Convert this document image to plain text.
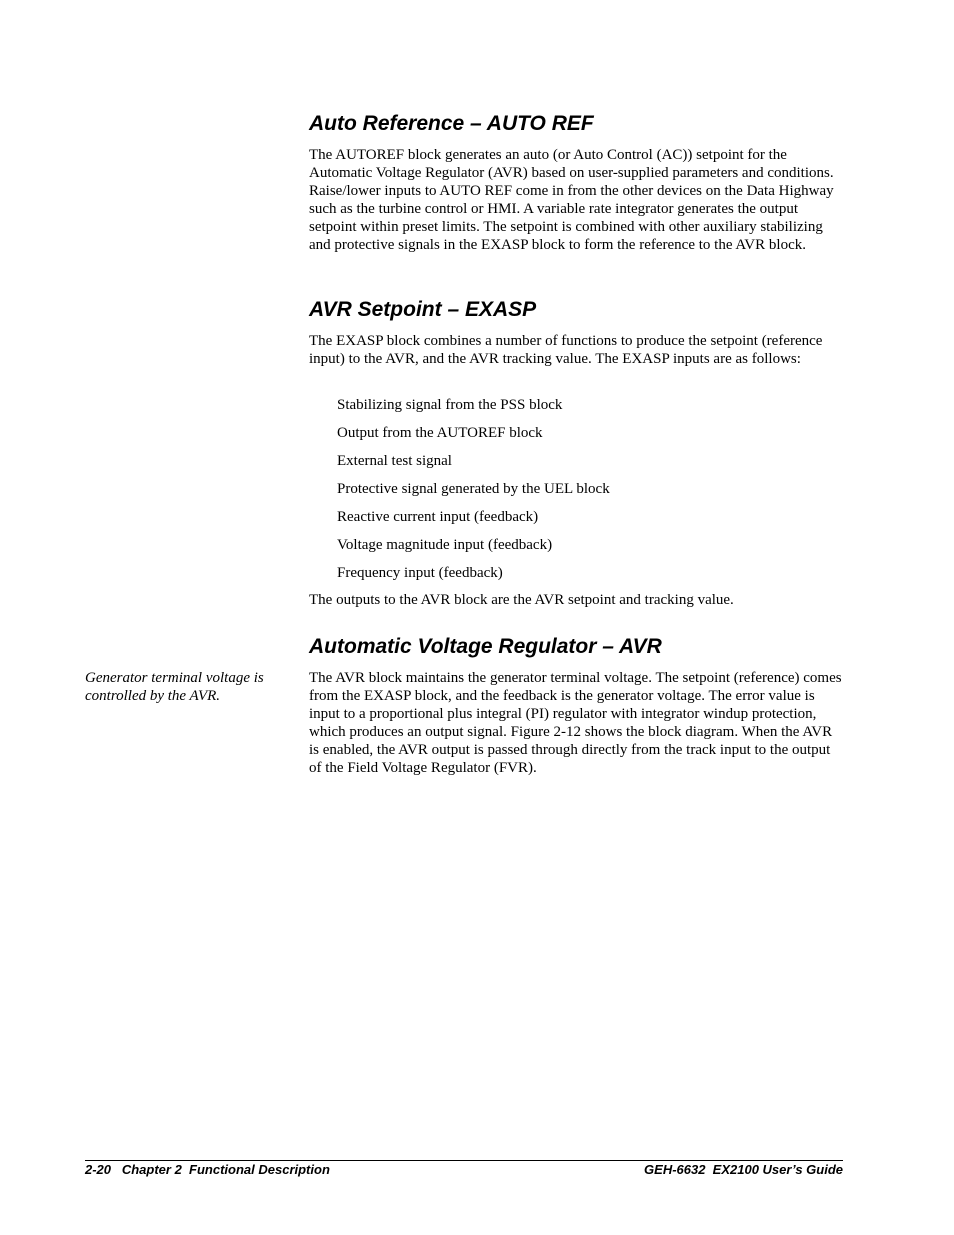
Auto Reference – AUTO REF

The AUTOREF block generates an auto (or Auto Control (AC)) setpoint for the Automatic Voltage Regulator (AVR) based on user-supplied parameters and conditions. Raise/lower inputs to AUTO REF come in from the other devices on the Data Highway such as the turbine control or HMI. A variable rate integrator generates the output setpoint within preset limits. The setpoint is combined with other auxiliary stabilizing and protective signals in the EXASP block to form the reference to the AVR block.

AVR Setpoint – EXASP

The EXASP block combines a number of functions to produce the setpoint (reference input) to the AVR, and the AVR tracking value. The EXASP inputs are as follows:

Stabilizing signal from the PSS block

Output from the AUTOREF block

External test signal

Protective signal generated by the UEL block

Reactive current input (feedback)

Voltage magnitude input (feedback)

Frequency input (feedback)

The outputs to the AVR block are the AVR setpoint and tracking value.

Automatic Voltage Regulator – AVR

Generator terminal voltage is controlled by the AVR.

The AVR block maintains the generator terminal voltage. The setpoint (reference) comes from the EXASP block, and the feedback is the generator voltage. The error value is input to a proportional plus integral (PI) regulator with integrator windup protection, which produces an output signal. Figure 2-12 shows the block diagram. When the AVR is enabled, the AVR output is passed through directly from the track input to the output of the Field Voltage Regulator (FVR).

2-20   Chapter 2  Functional Description	GEH-6632  EX2100 User’s Guide
